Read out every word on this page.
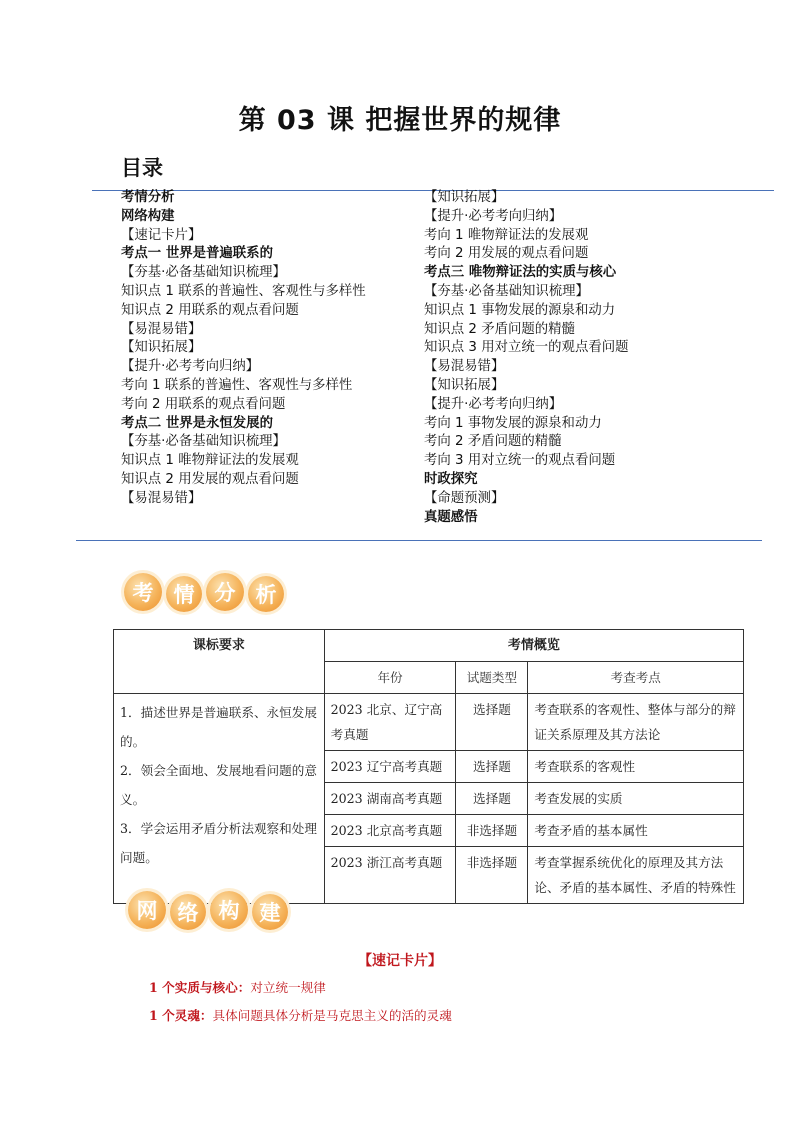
第 03 课 把握世界的规律
目录
考情分析
网络构建
【速记卡片】
考点一 世界是普遍联系的
【夯基·必备基础知识梳理】
知识点 1 联系的普遍性、客观性与多样性
知识点 2 用联系的观点看问题
【易混易错】
【知识拓展】
【提升·必考考向归纳】
考向 1 联系的普遍性、客观性与多样性
考向 2 用联系的观点看问题
考点二 世界是永恒发展的
【夯基·必备基础知识梳理】
知识点 1 唯物辩证法的发展观
知识点 2 用发展的观点看问题
【易混易错】
【知识拓展】
【提升·必考考向归纳】
考向 1 唯物辩证法的发展观
考向 2 用发展的观点看问题
考点三 唯物辩证法的实质与核心
【夯基·必备基础知识梳理】
知识点 1 事物发展的源泉和动力
知识点 2 矛盾问题的精髓
知识点 3 用对立统一的观点看问题
【易混易错】
【知识拓展】
【提升·必考考向归纳】
考向 1 事物发展的源泉和动力
考向 2 矛盾问题的精髓
考向 3 用对立统一的观点看问题
时政探究
【命题预测】
真题感悟
考 情 分 析
课标要求	考情概览		
	年份	试题类型	考查考点

1．描述世界是普遍联系、永恒发展的。
2．领会全面地、发展地看问题的意义。
3．学会运用矛盾分析法观察和处理问题。	2023 北京、辽宁高考真题	选择题	考查联系的客观性、整体与部分的辩证关系原理及其方法论
	2023 辽宁高考真题	选择题	考查联系的客观性
	2023 湖南高考真题	选择题	考查发展的实质
	2023 北京高考真题	非选择题	考查矛盾的基本属性
	2023 浙江高考真题	非选择题	考查掌握系统优化的原理及其方法论、矛盾的基本属性、矛盾的特殊性
网 络 构 建
【速记卡片】
1 个实质与核心：对立统一规律
1 个灵魂：具体问题具体分析是马克思主义的活的灵魂
